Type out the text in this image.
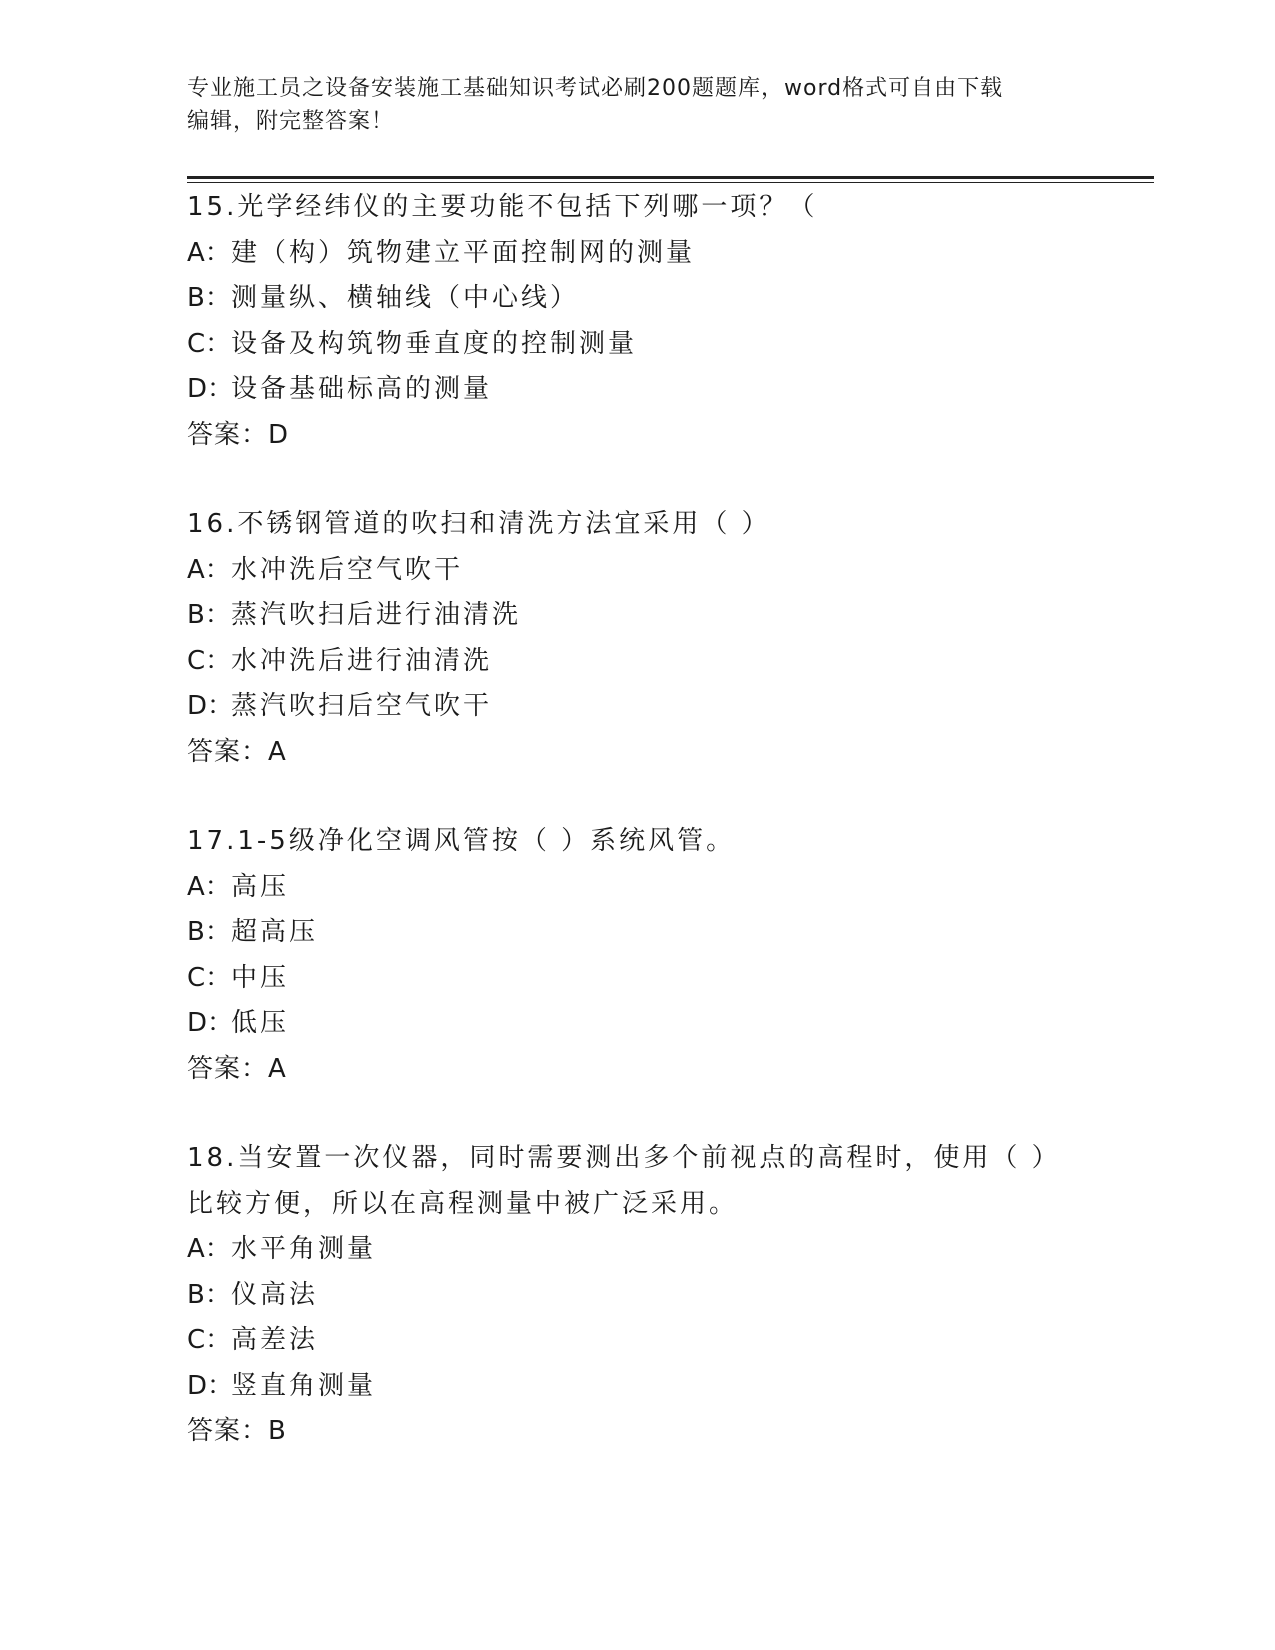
专业施工员之设备安装施工基础知识考试必刷200题题库，word格式可自由下载
编辑，附完整答案！
15.光学经纬仪的主要功能不包括下列哪一项？（
A：建（构）筑物建立平面控制网的测量
B：测量纵、横轴线（中心线）
C：设备及构筑物垂直度的控制测量
D：设备基础标高的测量
答案：D
16.不锈钢管道的吹扫和清洗方法宜采用（ ）
A：水冲洗后空气吹干
B：蒸汽吹扫后进行油清洗
C：水冲洗后进行油清洗
D：蒸汽吹扫后空气吹干
答案：A
17.1-5级净化空调风管按（ ）系统风管。
A：高压
B：超高压
C：中压
D：低压
答案：A
18.当安置一次仪器，同时需要测出多个前视点的高程时，使用（ ）
比较方便，所以在高程测量中被广泛采用。
A：水平角测量
B：仪高法
C：高差法
D：竖直角测量
答案：B
